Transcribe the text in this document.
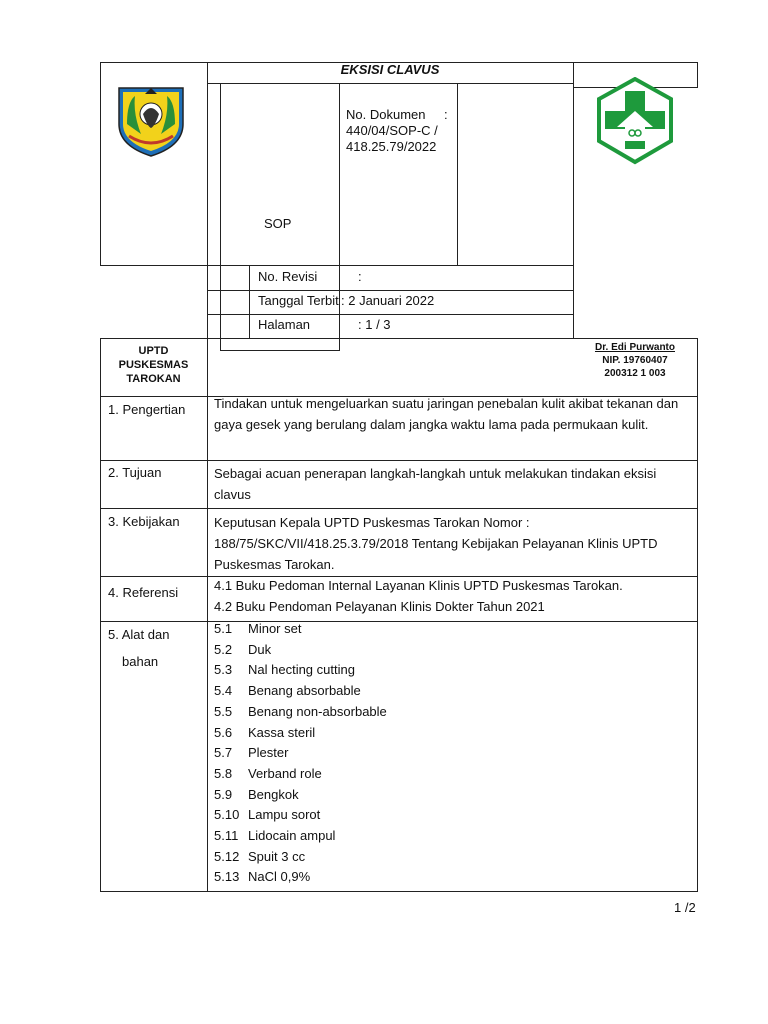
EKSISI CLAVUS
SOP
No. Dokumen :
440/04/SOP-C /
418.25.79/2022
No. Revisi	:
Tanggal Terbit : 2 Januari 2022
Halaman	: 1 / 3
UPTD
PUSKESMAS
TAROKAN
Dr. Edi Purwanto
NIP. 19760407
200312 1 003
1. Pengertian Tindakan untuk mengeluarkan suatu jaringan penebalan kulit akibat tekanan dan gaya gesek yang berulang dalam jangka waktu lama pada permukaan kulit.
2. Tujuan	Sebagai acuan penerapan langkah-langkah untuk melakukan tindakan eksisi clavus
3. Kebijakan	Keputusan Kepala UPTD Puskesmas Tarokan Nomor : 188/75/SKC/VII/418.25.3.79/2018 Tentang Kebijakan Pelayanan Klinis UPTD Puskesmas Tarokan.
4. Referensi	4.1 Buku Pedoman Internal Layanan Klinis UPTD Puskesmas Tarokan.
4.2 Buku Pendoman Pelayanan Klinis Dokter Tahun 2021
5. Alat dan
bahan
5.1 Minor set
5.2 Duk
5.3 Nal hecting cutting
5.4 Benang absorbable
5.5 Benang non-absorbable
5.6 Kassa steril
5.7 Plester
5.8 Verband role
5.9 Bengkok
5.10 Lampu sorot
5.11 Lidocain ampul
5.12 Spuit 3 cc
5.13 NaCl 0,9%
1 /2
